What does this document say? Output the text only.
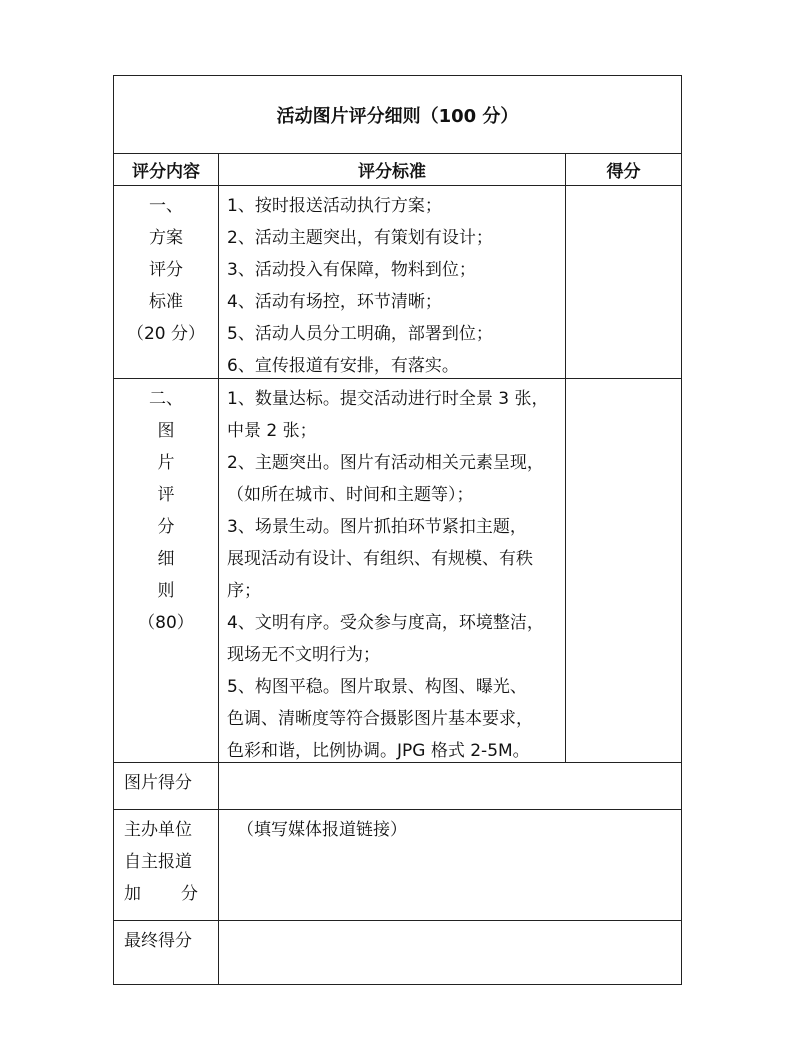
活动图片评分细则（100 分）
评分内容	评分标准	得分
一、
方案
评分
标准
（20 分）
1、按时报送活动执行方案；
2、活动主题突出，有策划有设计；
3、活动投入有保障，物料到位；
4、活动有场控，环节清晰；
5、活动人员分工明确，部署到位；
6、宣传报道有安排，有落实。
二、
图
片
评
分
细
则
（80）
1、数量达标。提交活动进行时全景 3 张，
中景 2 张；
2、主题突出。图片有活动相关元素呈现，
（如所在城市、时间和主题等）；
3、场景生动。图片抓拍环节紧扣主题，
展现活动有设计、有组织、有规模、有秩
序；
4、文明有序。受众参与度高，环境整洁，
现场无不文明行为；
5、构图平稳。图片取景、构图、曝光、
色调、清晰度等符合摄影图片基本要求，
色彩和谐，比例协调。JPG 格式 2-5M。
图片得分
主办单位
自主报道
加 分
（填写媒体报道链接）
最终得分
